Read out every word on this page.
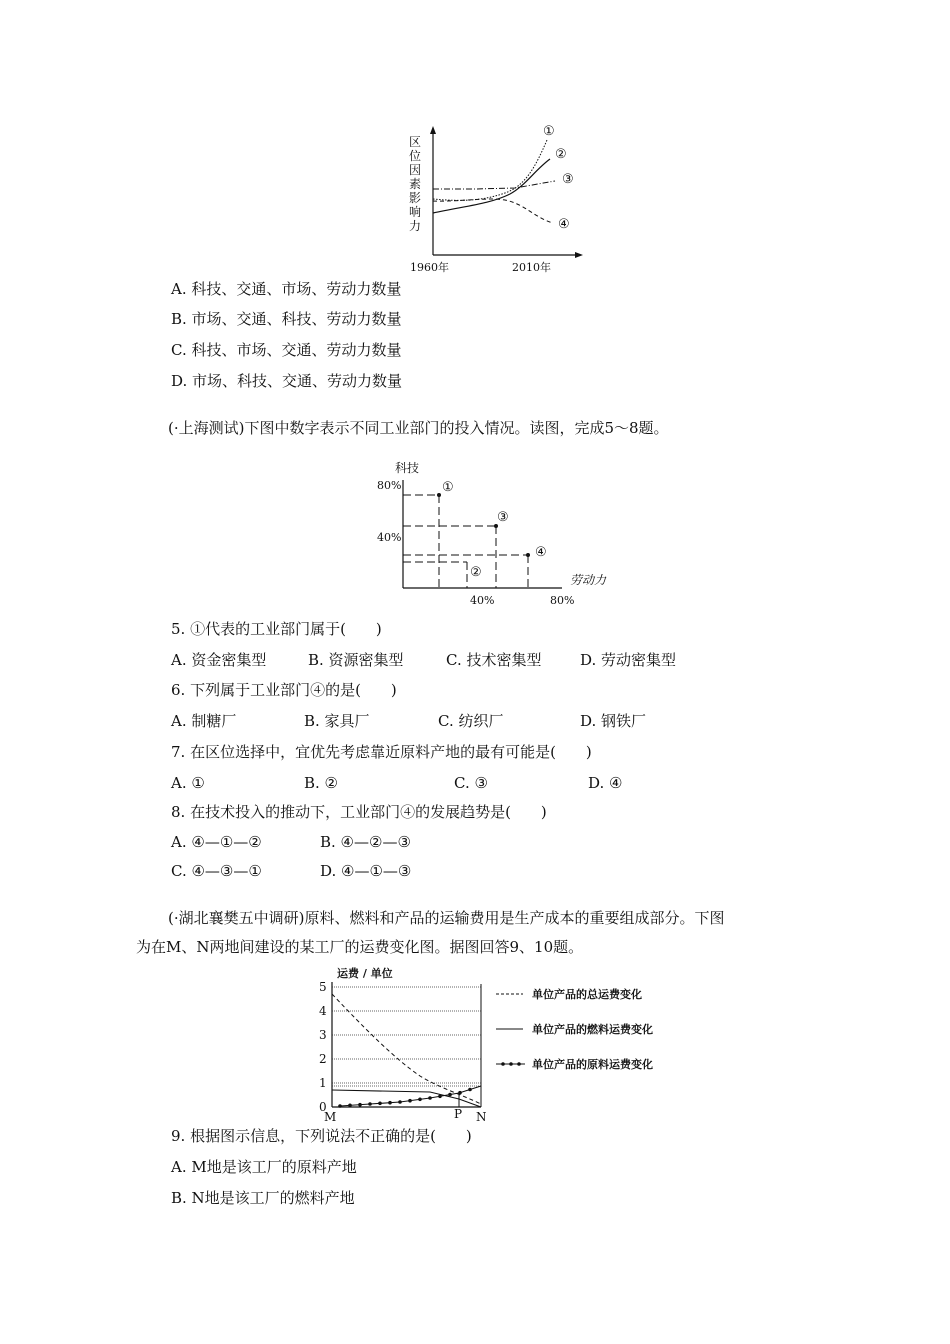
区
位
因
素
影
响
力
①
②
③
④
1960年	2010年
A. 科技、交通、市场、劳动力数量
B. 市场、交通、科技、劳动力数量
C. 科技、市场、交通、劳动力数量
D. 市场、科技、交通、劳动力数量
(·上海测试)下图中数字表示不同工业部门的投入情况。读图，完成5～8题。
科技
80%
40%
40%	80%
劳动力
①
③
④
②
5. ①代表的工业部门属于(　　)
A. 资金密集型	B. 资源密集型	C. 技术密集型	D. 劳动密集型
6. 下列属于工业部门④的是(　　)
A. 制糖厂	B. 家具厂	C. 纺织厂	D. 钢铁厂
7. 在区位选择中，宜优先考虑靠近原料产地的最有可能是(　　)
A. ①	B. ②	C. ③	D. ④
8. 在技术投入的推动下，工业部门④的发展趋势是(　　)
A. ④—①—②	B. ④—②—③
C. ④—③—①	D. ④—①—③
(·湖北襄樊五中调研)原料、燃料和产品的运输费用是生产成本的重要组成部分。下图
为在M、N两地间建设的某工厂的运费变化图。据图回答9、10题。
运费 / 单位
5
4
3
2
1
0
M	P N
单位产品的总运费变化
单位产品的燃料运费变化
单位产品的原料运费变化
9. 根据图示信息，下列说法不正确的是(　　)
A. M地是该工厂的原料产地
B. N地是该工厂的燃料产地
